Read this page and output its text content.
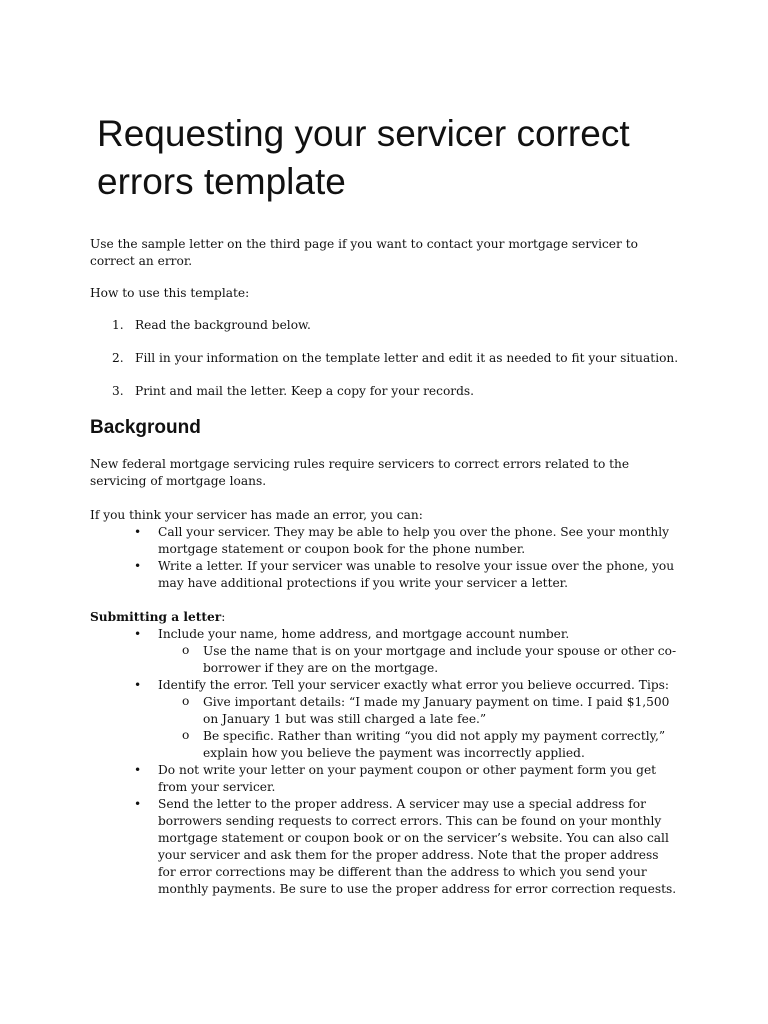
Requesting your servicer correct errors template

Use the sample letter on the third page if you want to contact your mortgage servicer to correct an error.

How to use this template:

1. Read the background below.
2. Fill in your information on the template letter and edit it as needed to fit your situation.
3. Print and mail the letter. Keep a copy for your records.
Background

New federal mortgage servicing rules require servicers to correct errors related to the servicing of mortgage loans.

If you think your servicer has made an error, you can:

• Call your servicer. They may be able to help you over the phone. See your monthly mortgage statement or coupon book for the phone number.
• Write a letter. If your servicer was unable to resolve your issue over the phone, you may have additional protections if you write your servicer a letter.

Submitting a letter:

• Include your name, home address, and mortgage account number.
o Use the name that is on your mortgage and include your spouse or other co-borrower if they are on the mortgage.
• Identify the error. Tell your servicer exactly what error you believe occurred. Tips:
o Give important details: “I made my January payment on time. I paid $1,500 on January 1 but was still charged a late fee.”
o Be specific. Rather than writing “you did not apply my payment correctly,” explain how you believe the payment was incorrectly applied.
• Do not write your letter on your payment coupon or other payment form you get from your servicer.
• Send the letter to the proper address. A servicer may use a special address for borrowers sending requests to correct errors. This can be found on your monthly mortgage statement or coupon book or on the servicer’s website. You can also call your servicer and ask them for the proper address. Note that the proper address for error corrections may be different than the address to which you send your monthly payments. Be sure to use the proper address for error correction requests.
